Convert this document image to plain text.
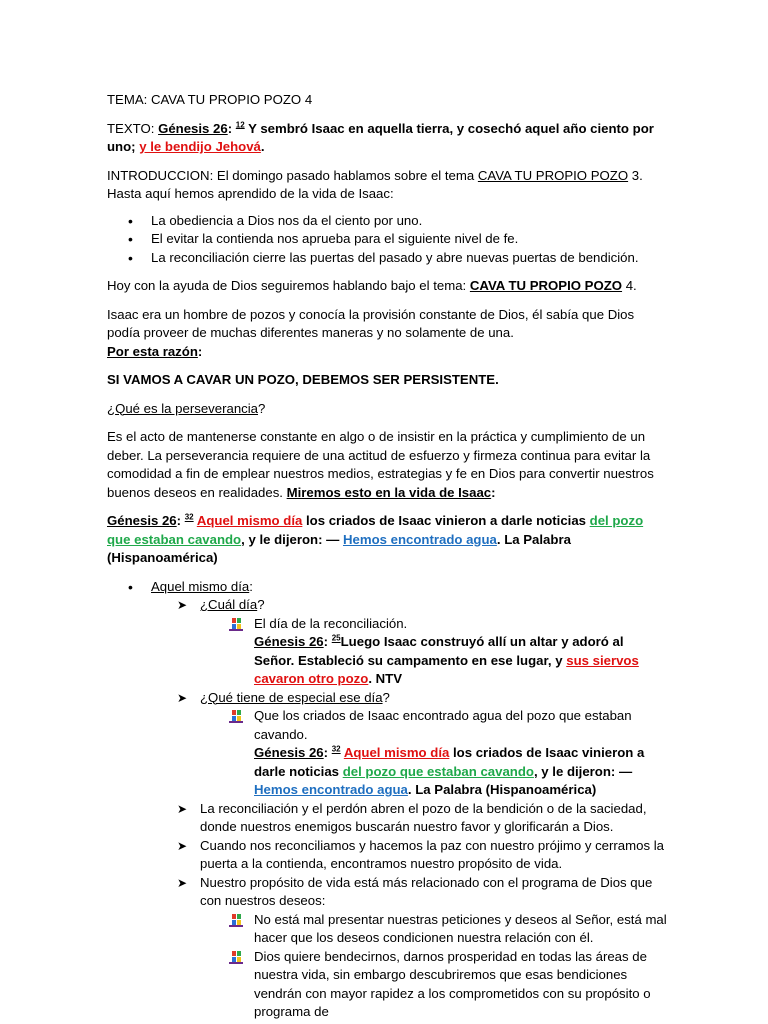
TEMA: CAVA TU PROPIO POZO 4

TEXTO: Génesis 26: $^{12}$ Y sembró Isaac en aquella tierra, y cosechó aquel año ciento por uno; y le bendijo Jehová.

INTRODUCCION: El domingo pasado hablamos sobre el tema CAVA TU PROPIO POZO 3.

Hasta aquí hemos aprendido de la vida de Isaac:

• La obediencia a Dios nos da el ciento por uno.
• El evitar la contienda nos aprueba para el siguiente nivel de fe.
• La reconciliación cierre las puertas del pasado y abre nuevas puertas de bendición.

Hoy con la ayuda de Dios seguiremos hablando bajo el tema: CAVA TU PROPIO POZO 4.

Isaac era un hombre de pozos y conocía la provisión constante de Dios, él sabía que Dios podía proveer de muchas diferentes maneras y no solamente de una.

Por esta razón:

SI VAMOS A CAVAR UN POZO, DEBEMOS SER PERSISTENTE.

¿Qué es la perseverancia?

Es el acto de mantenerse constante en algo o de insistir en la práctica y cumplimiento de un deber. La perseverancia requiere de una actitud de esfuerzo y firmeza continua para evitar la comodidad a fin de emplear nuestros medios, estrategias y fe en Dios para convertir nuestros buenos deseos en realidades. Miremos esto en la vida de Isaac:

Génesis 26: $^{32}$ Aquel mismo día los criados de Isaac vinieron a darle noticias del pozo que estaban cavando, y le dijeron: — Hemos encontrado agua. La Palabra (Hispanoamérica)

• Aquel mismo día:
➤ ¿Cuál día?

El día de la reconciliación.

Génesis 26: $^{25}$Luego Isaac construyó allí un altar y adoró al Señor. Estableció su campamento en ese lugar, y sus siervos cavaron otro pozo. NTV

➤ ¿Qué tiene de especial ese día?

Que los criados de Isaac encontrado agua del pozo que estaban cavando.

Génesis 26: $^{32}$ Aquel mismo día los criados de Isaac vinieron a darle noticias del pozo que estaban cavando, y le dijeron: — Hemos encontrado agua. La Palabra (Hispanoamérica)

➤ La reconciliación y el perdón abren el pozo de la bendición o de la saciedad, donde nuestros enemigos buscarán nuestro favor y glorificarán a Dios.
➤ Cuando nos reconciliamos y hacemos la paz con nuestro prójimo y cerramos la puerta a la contienda, encontramos nuestro propósito de vida.
➤ Nuestro propósito de vida está más relacionado con el programa de Dios que con nuestros deseos:
No está mal presentar nuestras peticiones y deseos al Señor, está mal hacer que los deseos condicionen nuestra relación con él.
Dios quiere bendecirnos, darnos prosperidad en todas las áreas de nuestra vida, sin embargo descubriremos que esas bendiciones vendrán con mayor rapidez a los comprometidos con su propósito o programa de
